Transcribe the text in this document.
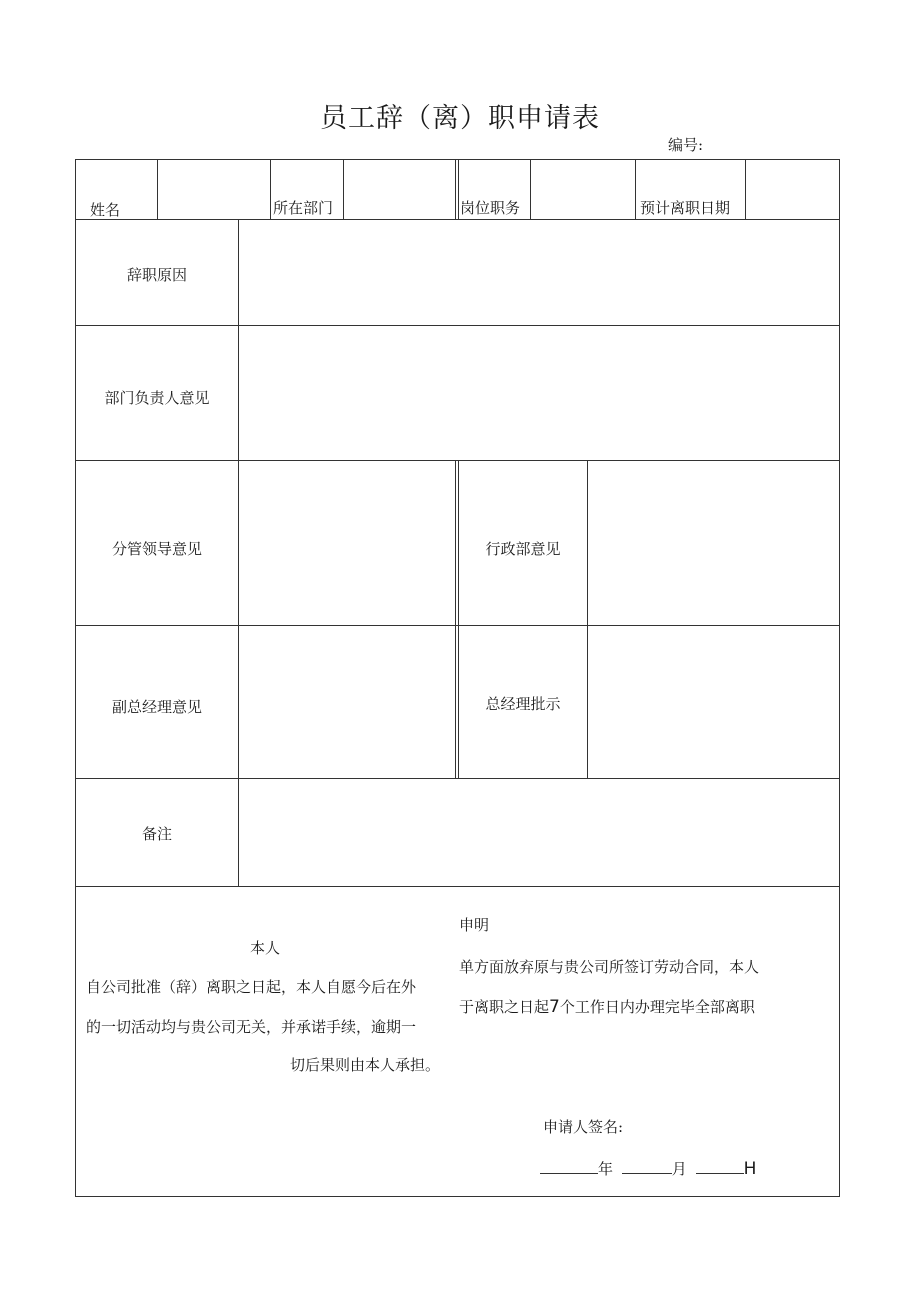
员工辞（离）职申请表
编号:
姓名	所在部门	岗位职务	预计离职日期
辞职原因
部门负责人意见
分管领导意见	行政部意见
副总经理意见	总经理批示
备注
申明
本人
单方面放弃原与贵公司所签订劳动合同，本人
自公司批准（辞）离职之日起，本人自愿今后在外
于离职之日起7个工作日内办理完毕全部离职
的一切活动均与贵公司无关，并承诺手续，逾期一
切后果则由本人承担。
申请人签名:
年	月	H
